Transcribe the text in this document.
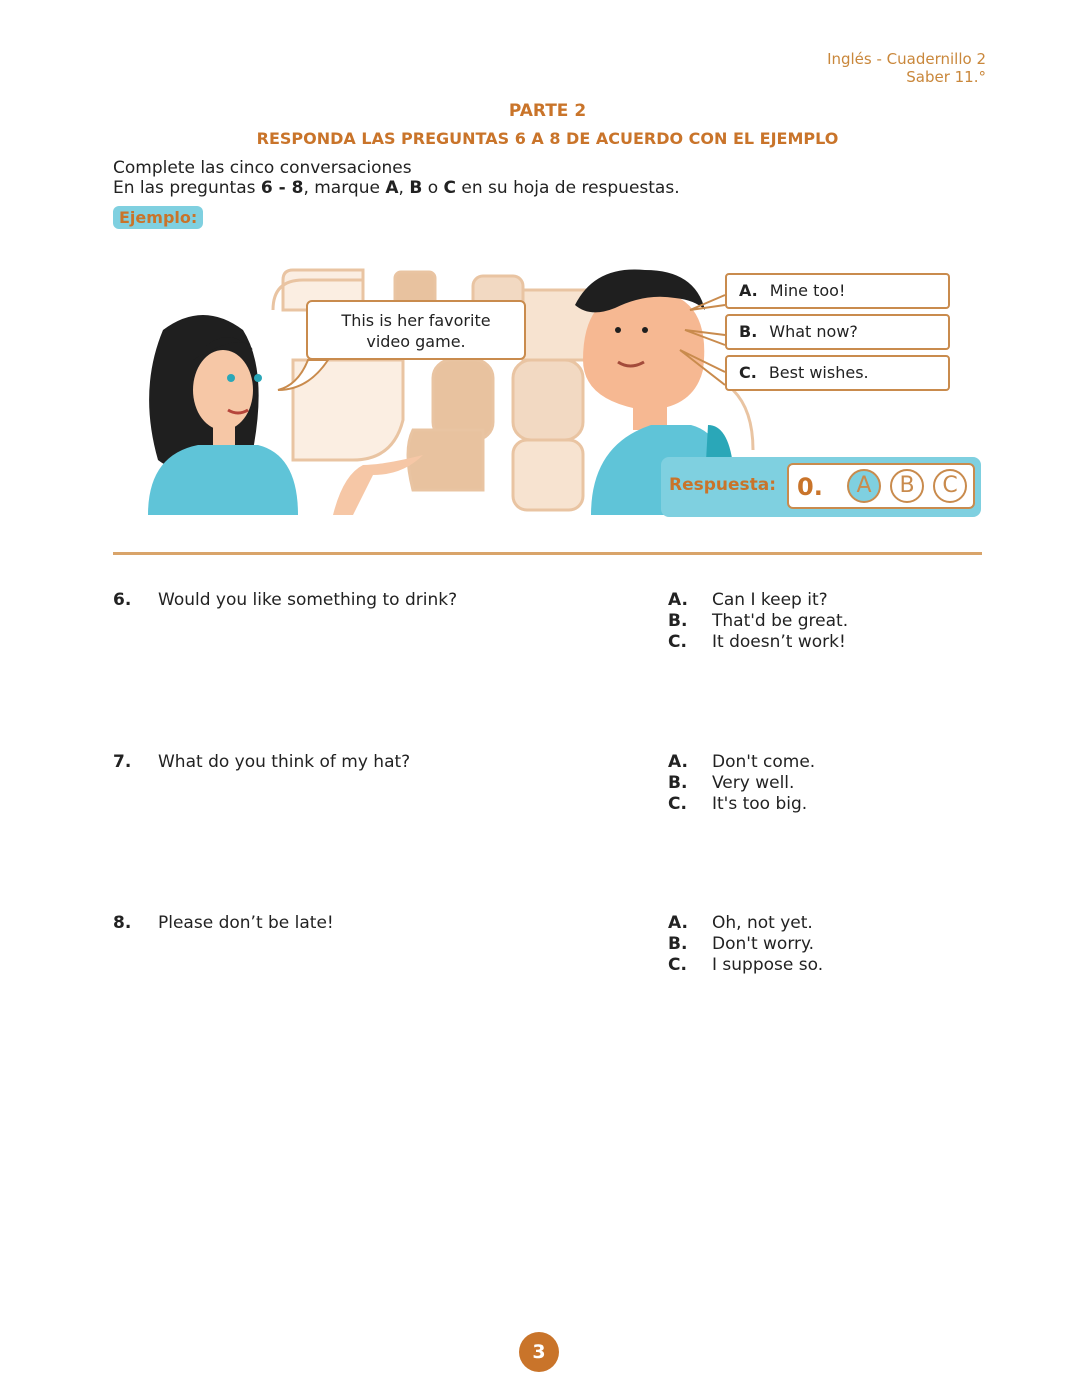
Inglés - Cuadernillo 2
Saber 11.°
PARTE 2
RESPONDA LAS PREGUNTAS 6 A 8 DE ACUERDO CON EL EJEMPLO
Complete las cinco conversaciones
En las preguntas 6 - 8, marque A, B o C en su hoja de respuestas.
Ejemplo:
This is her favorite
video game.
A. Mine too!
B. What now?
C. Best wishes.
Respuesta: 0.	A	B	C
6. Would you like something to drink?	A. Can I keep it?
B. That'd be great.
C. It doesn’t work!
7. What do you think of my hat?	A. Don't come.
B. Very well.
C. It's too big.
8. Please don’t be late!	A. Oh, not yet.
B. Don't worry.
C. I suppose so.
3
